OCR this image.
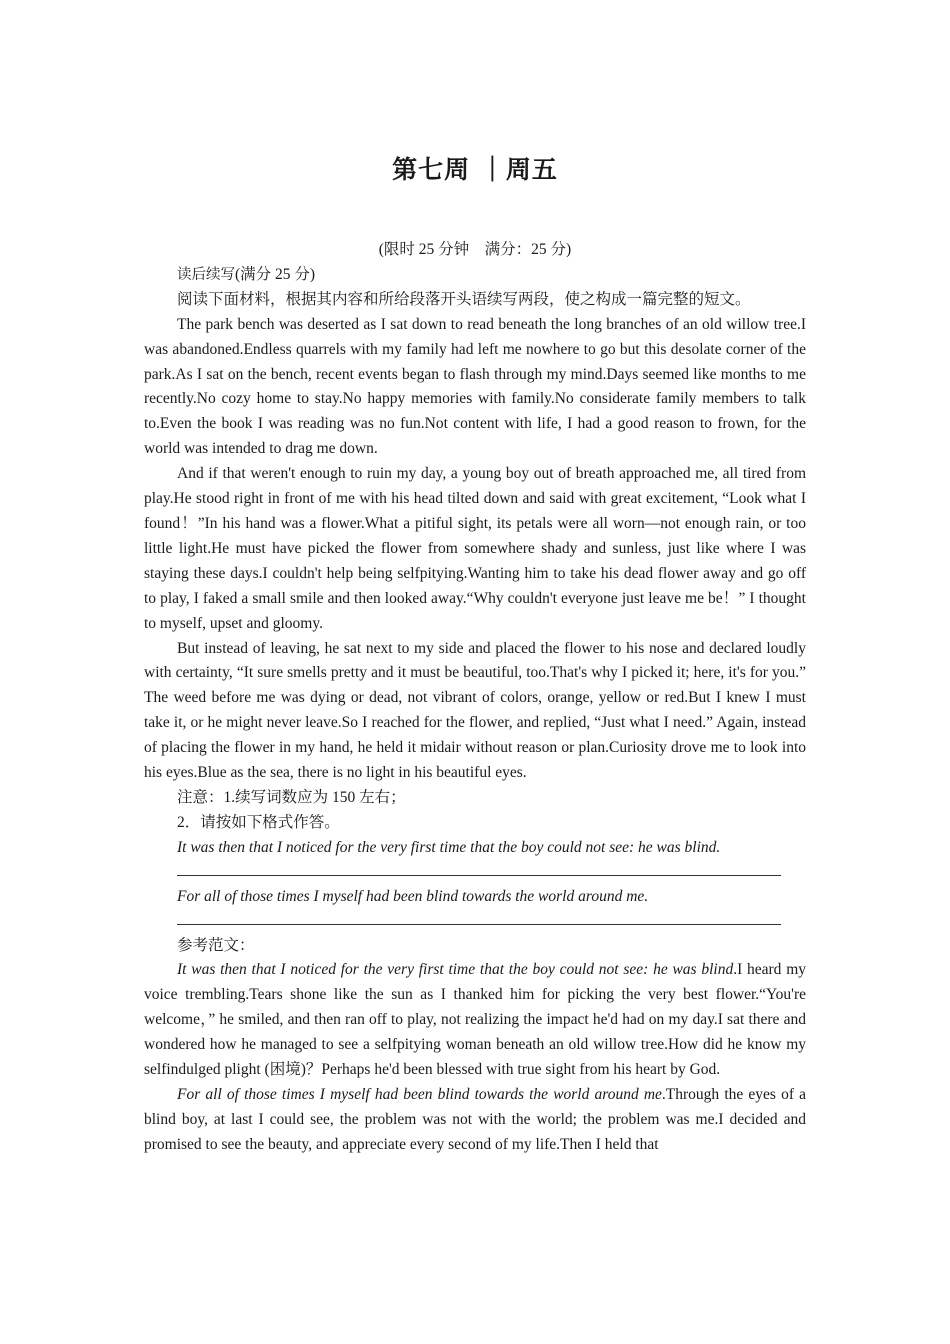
第七周 ｜周五

(限时 25 分钟　满分：25 分)

读后续写(满分 25 分)

阅读下面材料，根据其内容和所给段落开头语续写两段，使之构成一篇完整的短文。

The park bench was deserted as I sat down to read beneath the long branches of an old willow tree.I was abandoned.Endless quarrels with my family had left me nowhere to go but this desolate corner of the park.As I sat on the bench, recent events began to flash through my mind.Days seemed like months to me recently.No cozy home to stay.No happy memories with family.No considerate family members to talk to.Even the book I was reading was no fun.Not content with life, I had a good reason to frown, for the world was intended to drag me down.

And if that weren't enough to ruin my day, a young boy out of breath approached me, all tired from play.He stood right in front of me with his head tilted down and said with great excitement, “Look what I found！”In his hand was a flower.What a pitiful sight, its petals were all worn—not enough rain, or too little light.He must have picked the flower from somewhere shady and sunless, just like where I was staying these days.I couldn't help being selfpitying.Wanting him to take his dead flower away and go off to play, I faked a small smile and then looked away.“Why couldn't everyone just leave me be！” I thought to myself, upset and gloomy.

But instead of leaving, he sat next to my side and placed the flower to his nose and declared loudly with certainty, “It sure smells pretty and it must be beautiful, too.That's why I picked it; here, it's for you.” The weed before me was dying or dead, not vibrant of colors, orange, yellow or red.But I knew I must take it, or he might never leave.So I reached for the flower, and replied, “Just what I need.” Again, instead of placing the flower in my hand, he held it midair without reason or plan.Curiosity drove me to look into his eyes.Blue as the sea, there is no light in his beautiful eyes.

注意：1.续写词数应为 150 左右；

2．请按如下格式作答。

It was then that I noticed for the very first time that the boy could not see: he was blind.

For all of those times I myself had been blind towards the world around me.

参考范文：

It was then that I noticed for the very first time that the boy could not see: he was blind.I heard my voice trembling.Tears shone like the sun as I thanked him for picking the very best flower.“You're welcome，” he smiled, and then ran off to play, not realizing the impact he'd had on my day.I sat there and wondered how he managed to see a selfpitying woman beneath an old willow tree.How did he know my selfindulged plight (困境)？Perhaps he'd been blessed with true sight from his heart by God.

For all of those times I myself had been blind towards the world around me.Through the eyes of a blind boy, at last I could see, the problem was not with the world; the problem was me.I decided and promised to see the beauty, and appreciate every second of my life.Then I held that
